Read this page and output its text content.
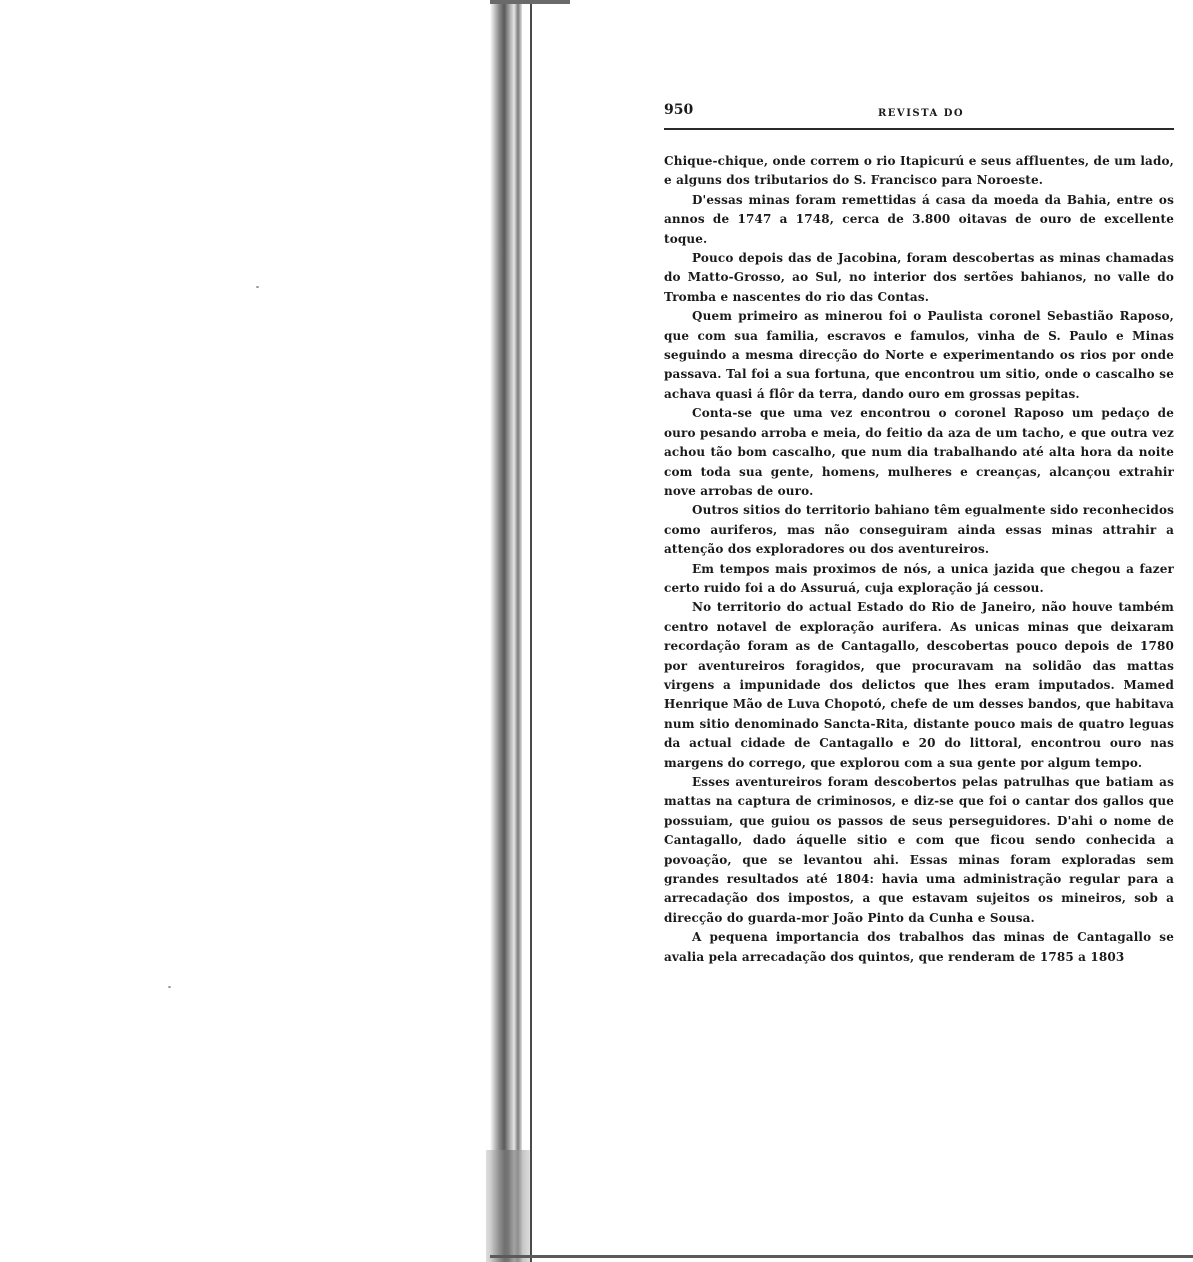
950	REVISTA DO

Chique-chique, onde correm o rio Itapicurú e seus affluentes, de um lado, e alguns dos tributarios do S. Francisco para Noroeste.

D'essas minas foram remettidas á casa da moeda da Bahia, entre os annos de 1747 a 1748, cerca de 3.800 oitavas de ouro de excellente toque.

Pouco depois das de Jacobina, foram descobertas as minas chamadas do Matto-Grosso, ao Sul, no interior dos sertões bahianos, no valle do Tromba e nascentes do rio das Contas.

Quem primeiro as minerou foi o Paulista coronel Sebastião Raposo, que com sua familia, escravos e famulos, vinha de S. Paulo e Minas seguindo a mesma direcção do Norte e experimentando os rios por onde passava. Tal foi a sua fortuna, que encontrou um sitio, onde o cascalho se achava quasi á flôr da terra, dando ouro em grossas pepitas.

Conta-se que uma vez encontrou o coronel Raposo um pedaço de ouro pesando arroba e meia, do feitio da aza de um tacho, e que outra vez achou tão bom cascalho, que num dia trabalhando até alta hora da noite com toda sua gente, homens, mulheres e creanças, alcançou extrahir nove arrobas de ouro.

Outros sitios do territorio bahiano têm egualmente sido reconhecidos como auriferos, mas não conseguiram ainda essas minas attrahir a attenção dos exploradores ou dos aventureiros.

Em tempos mais proximos de nós, a unica jazida que chegou a fazer certo ruido foi a do Assuruá, cuja exploração já cessou.

No territorio do actual Estado do Rio de Janeiro, não houve também centro notavel de exploração aurifera. As unicas minas que deixaram recordação foram as de Cantagallo, descobertas pouco depois de 1780 por aventureiros foragidos, que procuravam na solidão das mattas virgens a impunidade dos delictos que lhes eram imputados. Mamed Henrique Mão de Luva Chopotó, chefe de um desses bandos, que habitava num sitio denominado Sancta-Rita, distante pouco mais de quatro leguas da actual cidade de Cantagallo e 20 do littoral, encontrou ouro nas margens do corrego, que explorou com a sua gente por algum tempo.

Esses aventureiros foram descobertos pelas patrulhas que batiam as mattas na captura de criminosos, e diz-se que foi o cantar dos gallos que possuiam, que guiou os passos de seus perseguidores. D'ahi o nome de Cantagallo, dado áquelle sitio e com que ficou sendo conhecida a povoação, que se levantou ahi. Essas minas foram exploradas sem grandes resultados até 1804: havia uma administração regular para a arrecadação dos impostos, a que estavam sujeitos os mineiros, sob a direcção do guarda-mor João Pinto da Cunha e Sousa.

A pequena importancia dos trabalhos das minas de Cantagallo se avalia pela arrecadação dos quintos, que renderam de 1785 a 1803
